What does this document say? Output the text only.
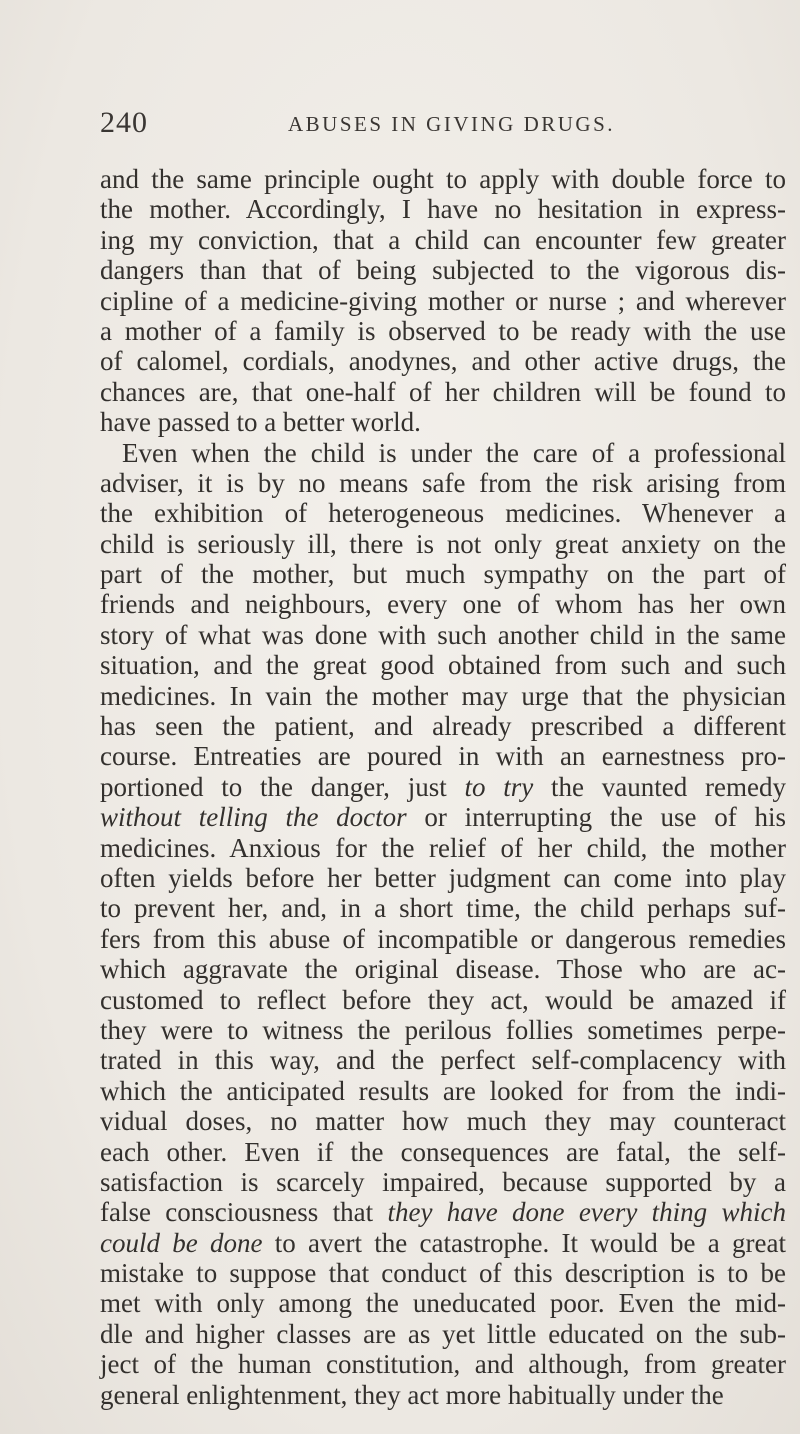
240	ABUSES IN GIVING DRUGS.
and the same principle ought to apply with double force to
the mother. Accordingly, I have no hesitation in express-
ing my conviction, that a child can encounter few greater
dangers than that of being subjected to the vigorous dis-
cipline of a medicine-giving mother or nurse ; and wherever
a mother of a family is observed to be ready with the use
of calomel, cordials, anodynes, and other active drugs, the
chances are, that one-half of her children will be found to
have passed to a better world.
Even when the child is under the care of a professional
adviser, it is by no means safe from the risk arising from
the exhibition of heterogeneous medicines. Whenever a
child is seriously ill, there is not only great anxiety on the
part of the mother, but much sympathy on the part of
friends and neighbours, every one of whom has her own
story of what was done with such another child in the same
situation, and the great good obtained from such and such
medicines. In vain the mother may urge that the physician
has seen the patient, and already prescribed a different
course. Entreaties are poured in with an earnestness pro-
portioned to the danger, just to try the vaunted remedy
without telling the doctor or interrupting the use of his
medicines. Anxious for the relief of her child, the mother
often yields before her better judgment can come into play
to prevent her, and, in a short time, the child perhaps suf-
fers from this abuse of incompatible or dangerous remedies
which aggravate the original disease. Those who are ac-
customed to reflect before they act, would be amazed if
they were to witness the perilous follies sometimes perpe-
trated in this way, and the perfect self-complacency with
which the anticipated results are looked for from the indi-
vidual doses, no matter how much they may counteract
each other. Even if the consequences are fatal, the self-
satisfaction is scarcely impaired, because supported by a
false consciousness that they have done every thing which
could be done to avert the catastrophe. It would be a great
mistake to suppose that conduct of this description is to be
met with only among the uneducated poor. Even the mid-
dle and higher classes are as yet little educated on the sub-
ject of the human constitution, and although, from greater
general enlightenment, they act more habitually under the
